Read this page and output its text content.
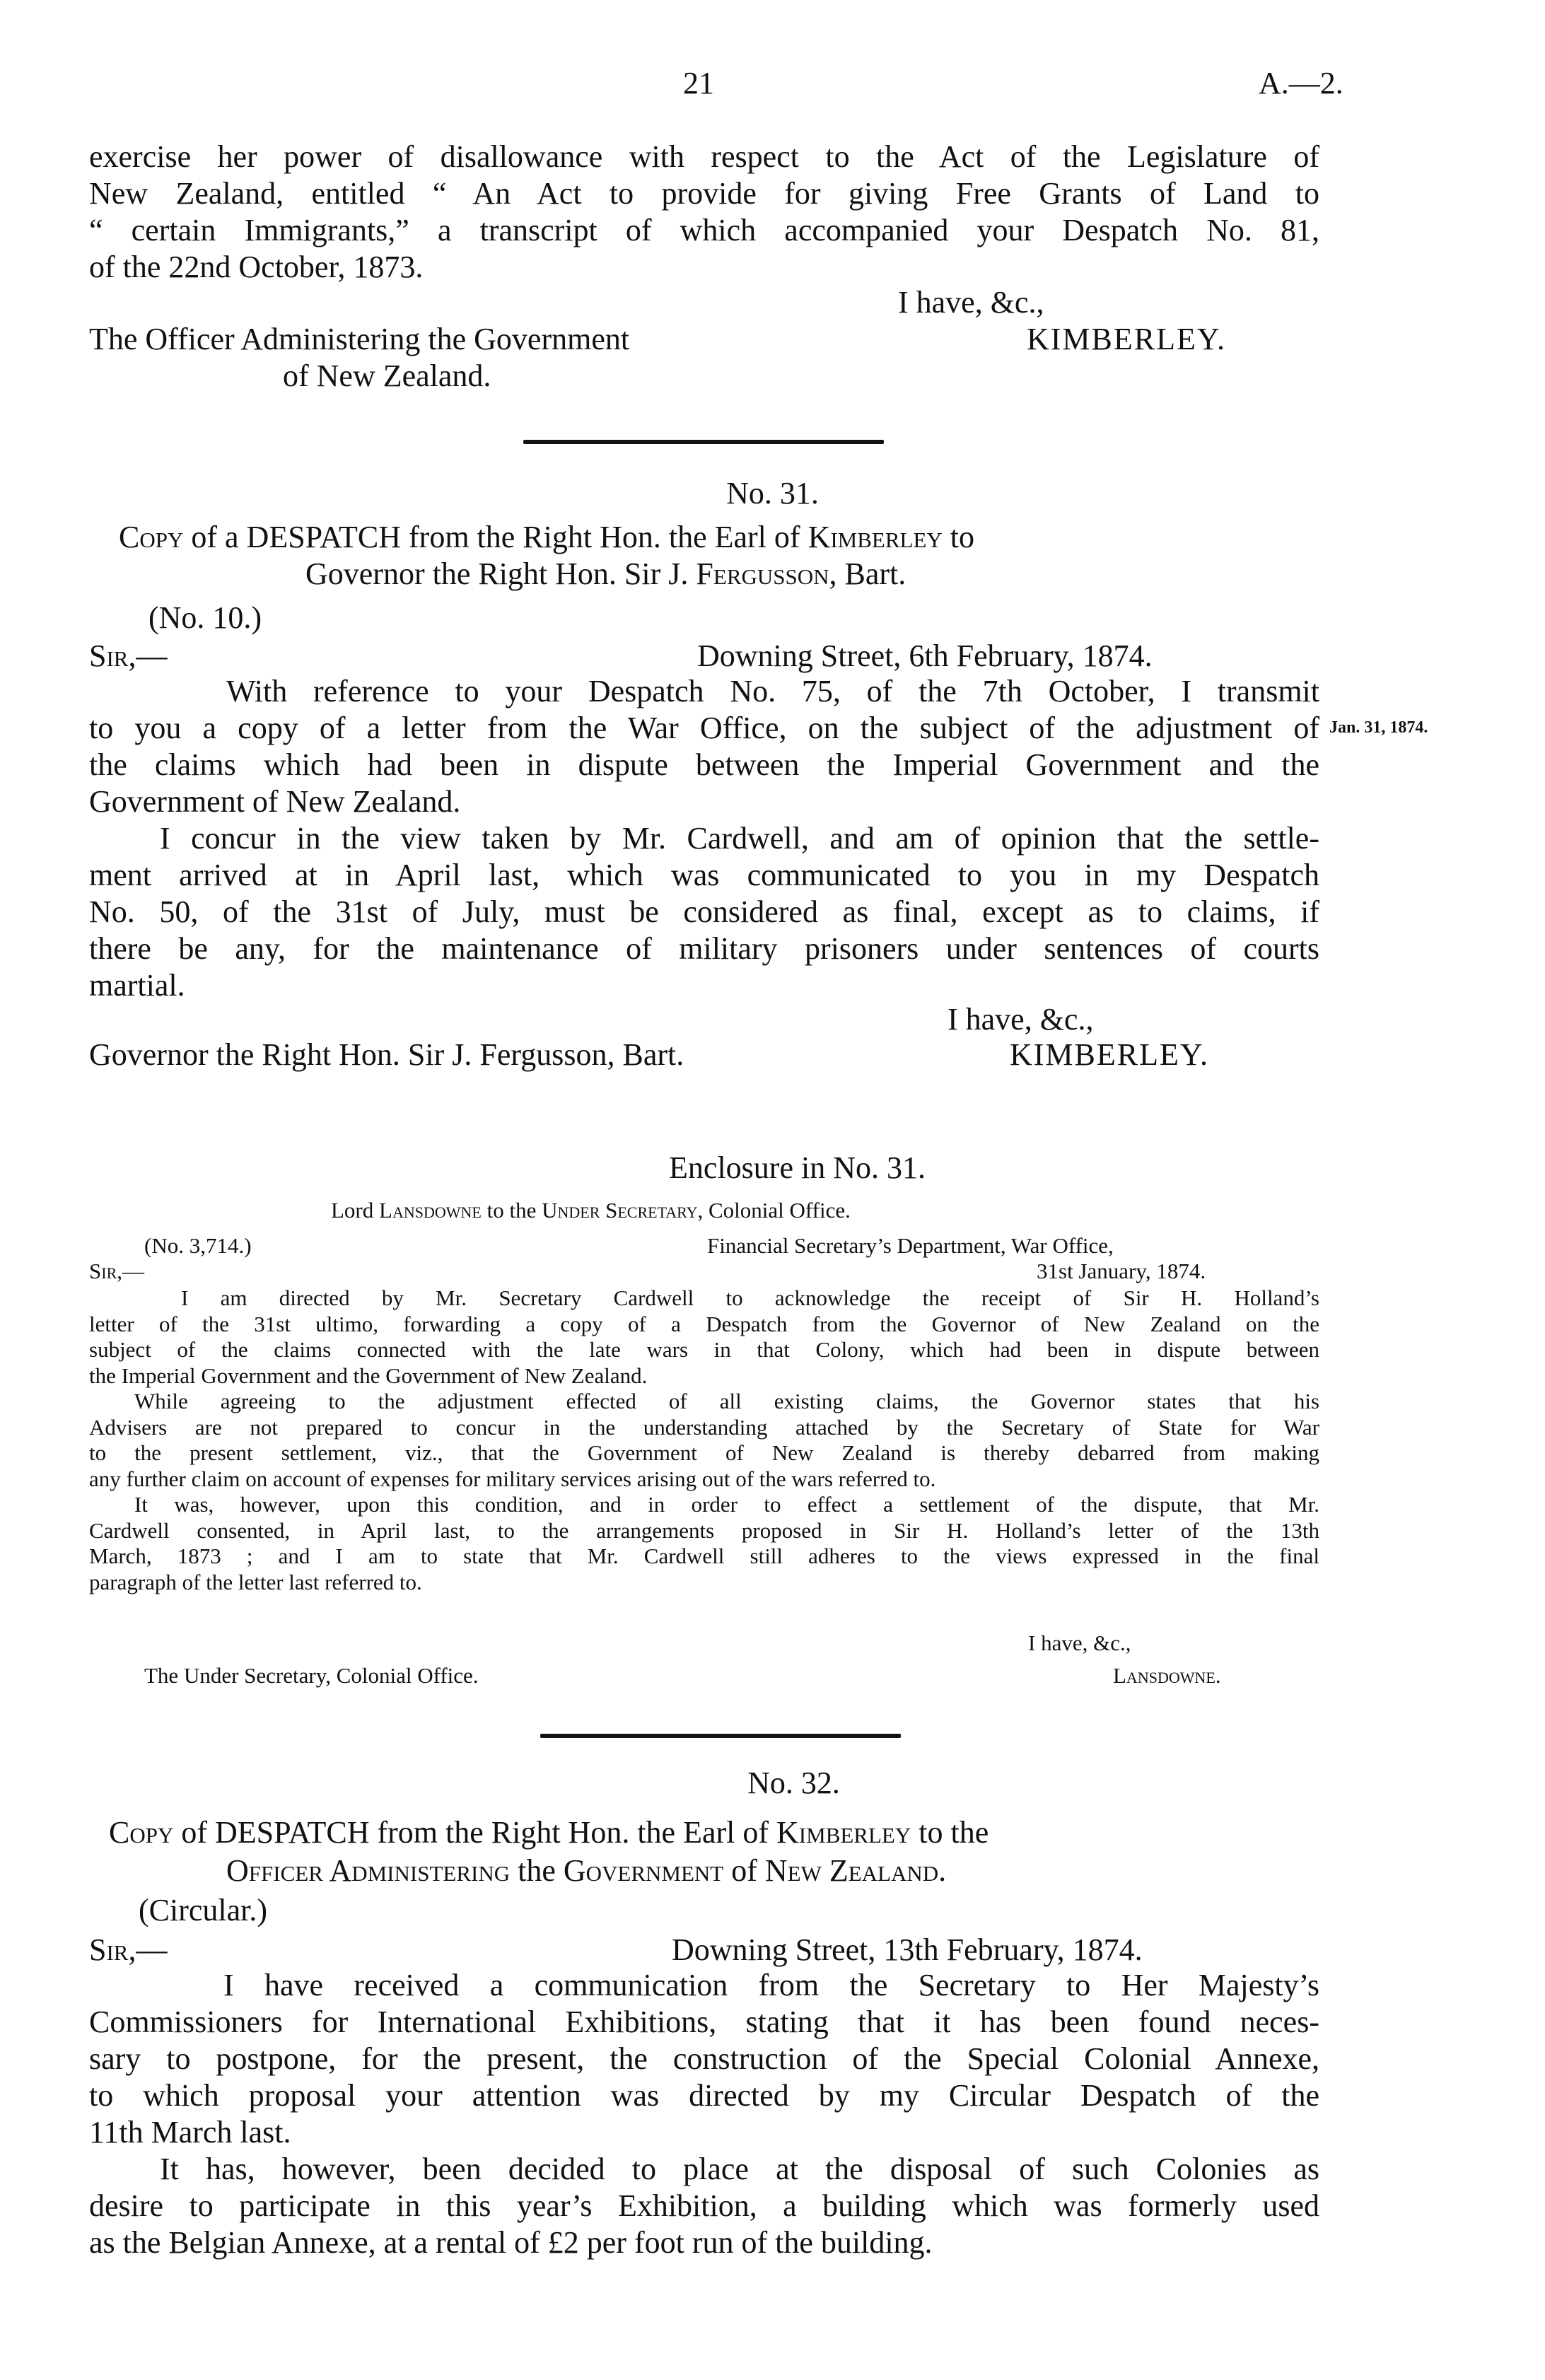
21	A.—2.
exercise her power of disallowance with respect to the Act of the Legislature of
New Zealand, entitled “ An Act to provide for giving Free Grants of Land to
“ certain Immigrants,” a transcript of which accompanied your Despatch No. 81,
of the 22nd October, 1873.
I have, &c.,
The Officer Administering the Government	KIMBERLEY.
of New Zealand.
No. 31.
Copy of a DESPATCH from the Right Hon. the Earl of Kimberley to
Governor the Right Hon. Sir J. Fergusson, Bart.
(No. 10.)
Sir,—	Downing Street, 6th February, 1874.
With reference to your Despatch No. 75, of the 7th October, I transmit
to you a copy of a letter from the War Office, on the subject of the adjustment of
the claims which had been in dispute between the Imperial Government and the
Government of New Zealand.
Jan. 31, 1874.
I concur in the view taken by Mr. Cardwell, and am of opinion that the settle-
ment arrived at in April last, which was communicated to you in my Despatch
No. 50, of the 31st of July, must be considered as final, except as to claims, if
there be any, for the maintenance of military prisoners under sentences of courts
martial.
I have, &c.,
Governor the Right Hon. Sir J. Fergusson, Bart.	KIMBERLEY.
Enclosure in No. 31.
Lord Lansdowne to the Under Secretary, Colonial Office.
(No. 3,714.)	Financial Secretary’s Department, War Office,
Sir,—	31st January, 1874.
I am directed by Mr. Secretary Cardwell to acknowledge the receipt of Sir H. Holland’s
letter of the 31st ultimo, forwarding a copy of a Despatch from the Governor of New Zealand on the
subject of the claims connected with the late wars in that Colony, which had been in dispute between
the Imperial Government and the Government of New Zealand.
While agreeing to the adjustment effected of all existing claims, the Governor states that his
Advisers are not prepared to concur in the understanding attached by the Secretary of State for War
to the present settlement, viz., that the Government of New Zealand is thereby debarred from making
any further claim on account of expenses for military services arising out of the wars referred to.
It was, however, upon this condition, and in order to effect a settlement of the dispute, that Mr.
Cardwell consented, in April last, to the arrangements proposed in Sir H. Holland’s letter of the 13th
March, 1873 ; and I am to state that Mr. Cardwell still adheres to the views expressed in the final
paragraph of the letter last referred to.
I have, &c.,
The Under Secretary, Colonial Office.	Lansdowne.
No. 32.
Copy of DESPATCH from the Right Hon. the Earl of Kimberley to the
Officer Administering the Government of New Zealand.
(Circular.)
Sir,—	Downing Street, 13th February, 1874.
I have received a communication from the Secretary to Her Majesty’s
Commissioners for International Exhibitions, stating that it has been found neces-
sary to postpone, for the present, the construction of the Special Colonial Annexe,
to which proposal your attention was directed by my Circular Despatch of the
11th March last.
It has, however, been decided to place at the disposal of such Colonies as
desire to participate in this year’s Exhibition, a building which was formerly used
as the Belgian Annexe, at a rental of £2 per foot run of the building.
